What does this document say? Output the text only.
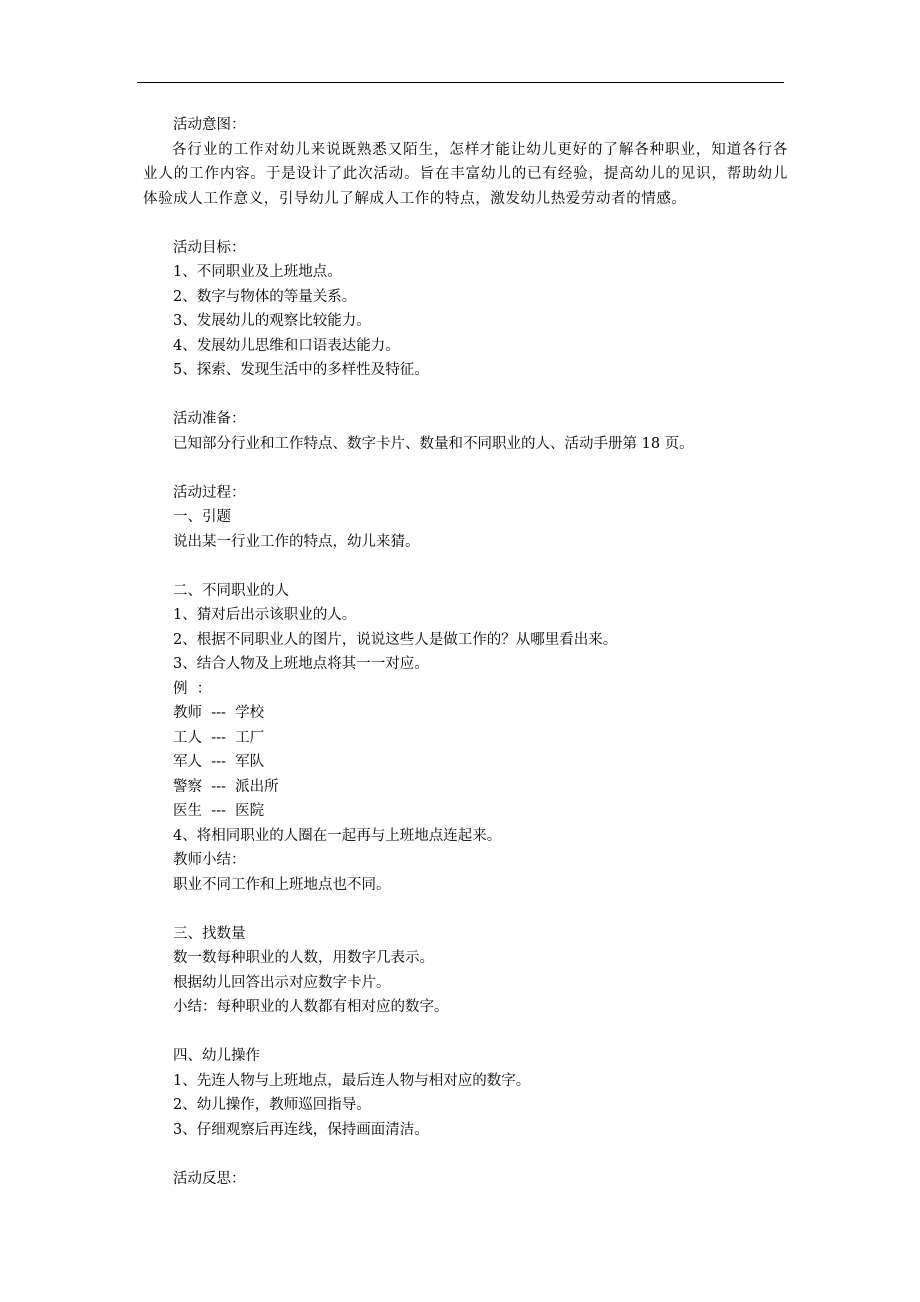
活动意图：
各行业的工作对幼儿来说既熟悉又陌生，怎样才能让幼儿更好的了解各种职业，知道各行各业人的工作内容。于是设计了此次活动。旨在丰富幼儿的已有经验，提高幼儿的见识，帮助幼儿体验成人工作意义，引导幼儿了解成人工作的特点，激发幼儿热爱劳动者的情感。
活动目标：
1、不同职业及上班地点。
2、数字与物体的等量关系。
3、发展幼儿的观察比较能力。
4、发展幼儿思维和口语表达能力。
5、探索、发现生活中的多样性及特征。
活动准备：
已知部分行业和工作特点、数字卡片、数量和不同职业的人、活动手册第 18 页。
活动过程：
一、引题
说出某一行业工作的特点，幼儿来猜。
二、不同职业的人
1、猜对后出示该职业的人。
2、根据不同职业人的图片，说说这些人是做工作的？从哪里看出来。
3、结合人物及上班地点将其一一对应。
例  ：
教师  ---  学校
工人  ---  工厂
军人  ---  军队
警察  ---  派出所
医生  ---  医院
4、将相同职业的人圈在一起再与上班地点连起来。
教师小结：
职业不同工作和上班地点也不同。
三、找数量
数一数每种职业的人数，用数字几表示。
根据幼儿回答出示对应数字卡片。
小结：每种职业的人数都有相对应的数字。
四、幼儿操作
1、先连人物与上班地点，最后连人物与相对应的数字。
2、幼儿操作，教师巡回指导。
3、仔细观察后再连线，保持画面清洁。
活动反思：
